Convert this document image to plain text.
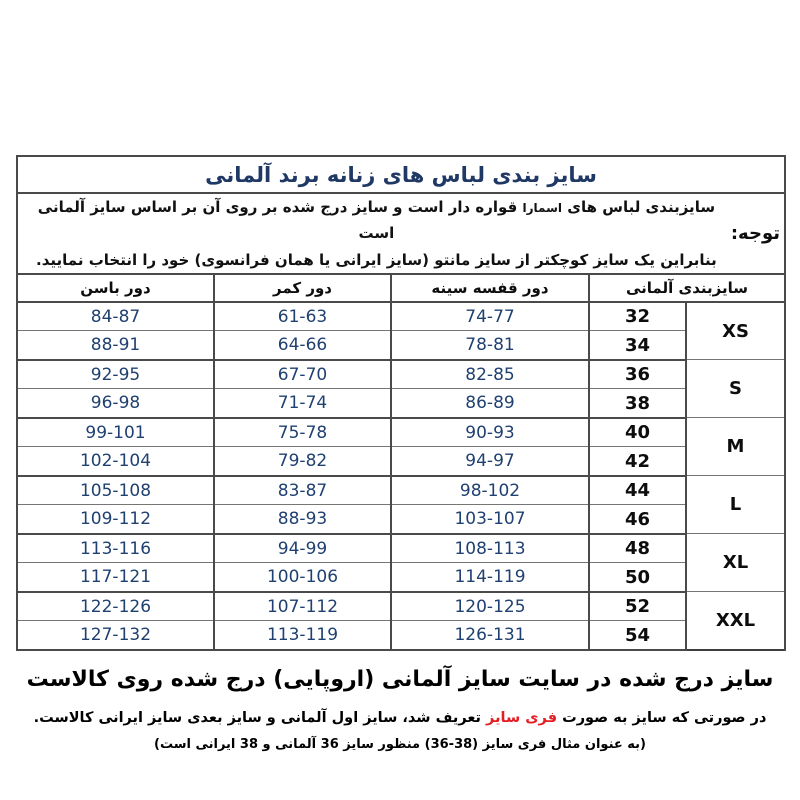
سایز بندی لباس های زنانه برند آلمانی				

توجه:
سایزبندی لباس های اسمارا قواره دار است و سایز درج شده بر روی آن بر اساس سایز آلمانی است
بنابراین یک سایز کوچکتر از سایز مانتو (سایز ایرانی یا همان فرانسوی) خود را انتخاب نمایید.				

سایزبندی آلمانی		دور قفسه سینه	دور کمر	دور باسن
XS	32	74-77	61-63	84-87
	34	78-81	64-66	88-91
S	36	82-85	67-70	92-95
	38	86-89	71-74	96-98
M	40	90-93	75-78	99-101
	42	94-97	79-82	102-104
L	44	98-102	83-87	105-108
	46	103-107	88-93	109-112
XL	48	108-113	94-99	113-116
	50	114-119	100-106	117-121
XXL	52	120-125	107-112	122-126
	54	126-131	113-119	127-132
سایز درج شده در سایت سایز آلمانی (اروپایی) درج شده روی کالاست
در صورتی که سایز به صورت فری سایز تعریف شد، سایز اول آلمانی و سایز بعدی سایز ایرانی کالاست.
(به عنوان مثال فری سایز (38-36) منظور سایز 36 آلمانی و 38 ایرانی است)
